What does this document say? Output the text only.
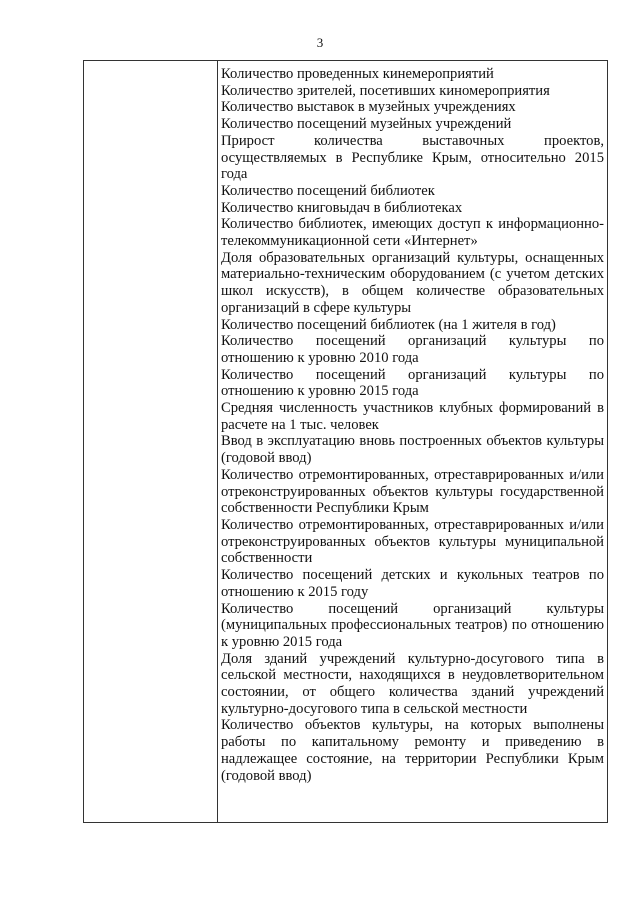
3
Количество проведенных кинемероприятий
Количество зрителей, посетивших киномероприятия
Количество выставок в музейных учреждениях
Количество посещений музейных учреждений
Прирост количества выставочных проектов, осуществляемых в Республике Крым, относительно 2015 года
Количество посещений библиотек
Количество книговыдач в библиотеках
Количество библиотек, имеющих доступ к информационно-телекоммуникационной сети «Интернет»
Доля образовательных организаций культуры, оснащенных материально-техническим оборудованием (с учетом детских школ искусств), в общем количестве образовательных организаций в сфере культуры
Количество посещений библиотек (на 1 жителя в год)
Количество посещений организаций культуры по отношению к уровню 2010 года
Количество посещений организаций культуры по отношению к уровню 2015 года
Средняя численность участников клубных формирований в расчете на 1 тыс. человек
Ввод в эксплуатацию вновь построенных объектов культуры (годовой ввод)
Количество отремонтированных, отреставрированных и/или отреконструированных объектов культуры государственной собственности Республики Крым
Количество отремонтированных, отреставрированных и/или отреконструированных объектов культуры муниципальной собственности
Количество посещений детских и кукольных театров по отношению к 2015 году
Количество посещений организаций культуры (муниципальных профессиональных театров) по отношению к уровню 2015 года
Доля зданий учреждений культурно-досугового типа в сельской местности, находящихся в неудовлетворительном состоянии, от общего количества зданий учреждений культурно-досугового типа в сельской местности
Количество объектов культуры, на которых выполнены работы по капитальному ремонту и приведению в надлежащее состояние, на территории Республики Крым (годовой ввод)
